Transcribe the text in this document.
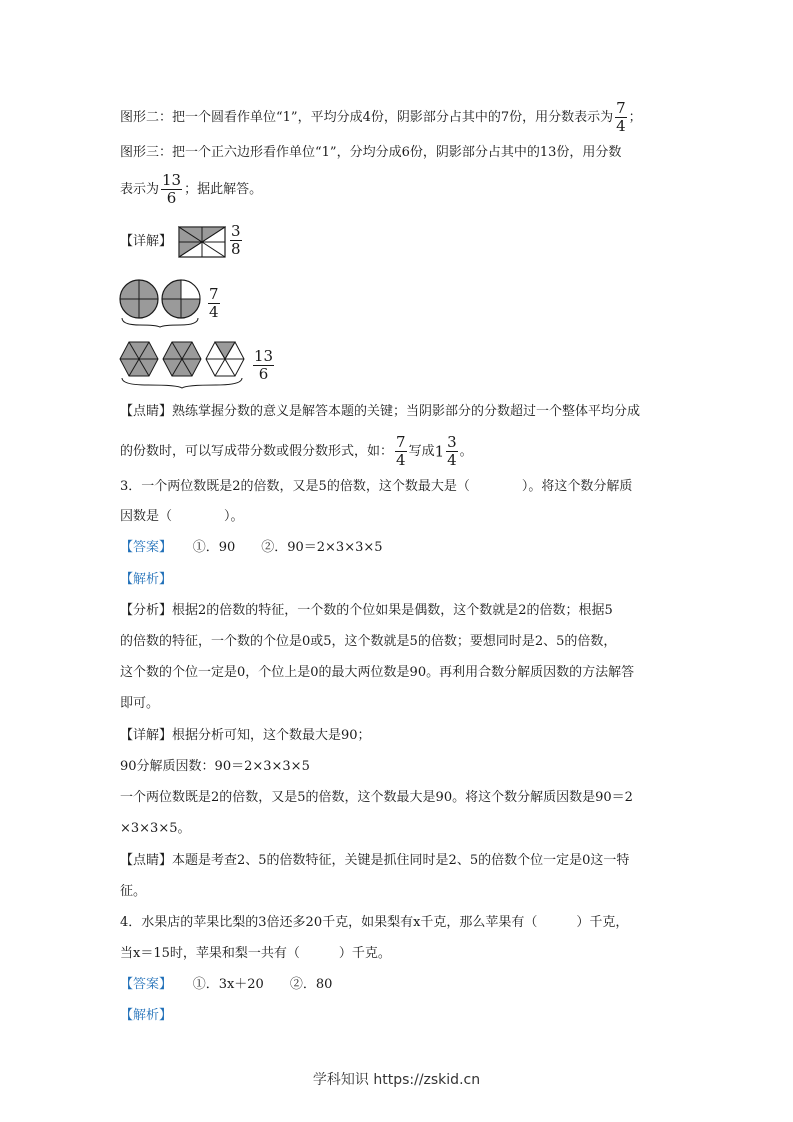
图形二：把一个圆看作单位“1”，平均分成4份，阴影部分占其中的7份，用分数表示为 $\frac{7}{4}$ ；
图形三：把一个正六边形看作单位“1”，分均分成6份，阴影部分占其中的13份，用分数
表示为 $\frac{13}{6}$ ；据此解答。
【详解】	$\frac{3}{8}$
$\frac{7}{4}$
$\frac{13}{6}$
【点睛】熟练掌握分数的意义是解答本题的关键；当阴影部分的分数超过一个整体平均分成
的份数时，可以写成带分数或假分数形式，如： $\frac{7}{4}$ 写成$1 \frac{3}{4}$ 。
3．一个两位数既是2的倍数，又是5的倍数，这个数最大是（　　　　）。将这个数分解质
因数是（　　　　）。
【答案】 ①．90　　②．90＝2×3×3×5
【解析】
【分析】根据2的倍数的特征，一个数的个位如果是偶数，这个数就是2的倍数；根据5
的倍数的特征，一个数的个位是0或5，这个数就是5的倍数；要想同时是2、5的倍数，
这个数的个位一定是0，个位上是0的最大两位数是90。再利用合数分解质因数的方法解答
即可。
【详解】根据分析可知，这个数最大是90；
90分解质因数：90＝2×3×3×5
一个两位数既是2的倍数，又是5的倍数，这个数最大是90。将这个数分解质因数是90＝2
×3×3×5。
【点睛】本题是考查2、5的倍数特征，关键是抓住同时是2、5的倍数个位一定是0这一特
征。
4．水果店的苹果比梨的3倍还多20千克，如果梨有x千克，那么苹果有（　　　）千克，
当x＝15时，苹果和梨一共有（　　　）千克。
【答案】 ①．3x＋20　　②．80
【解析】
学科知识 https://zskid.cn
